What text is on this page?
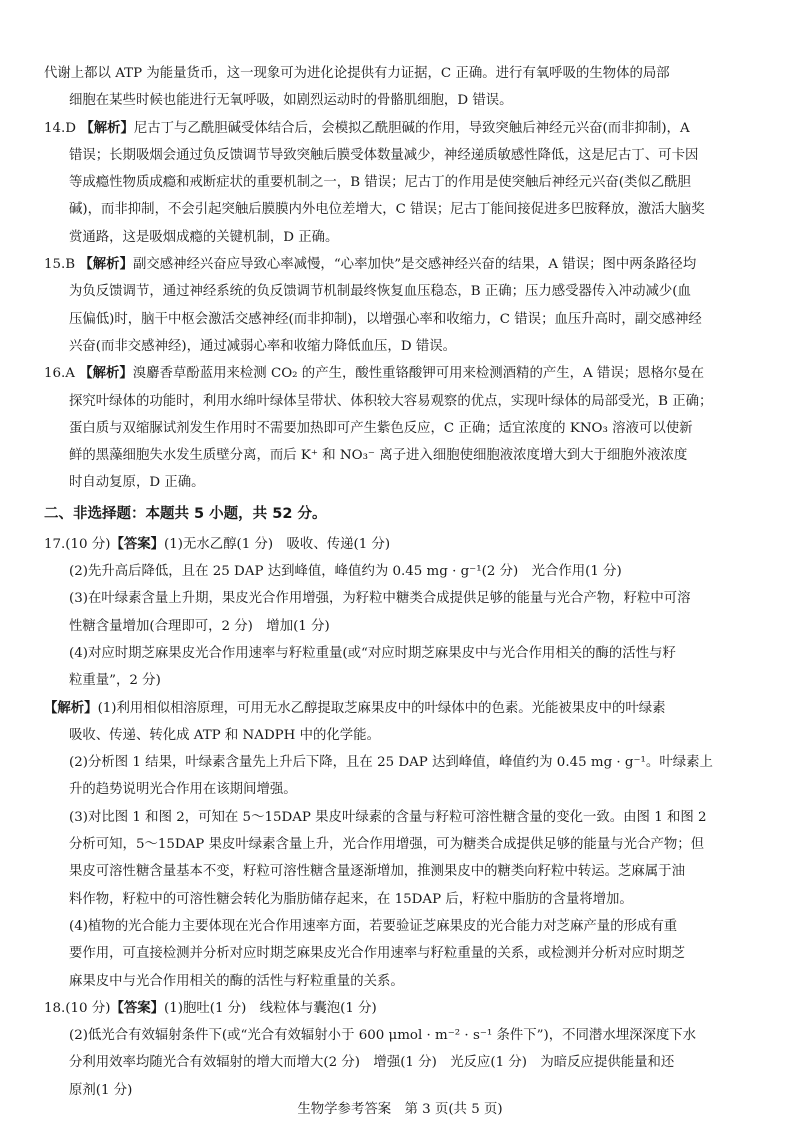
代谢上都以 ATP 为能量货币，这一现象可为进化论提供有力证据，C 正确。进行有氧呼吸的生物体的局部

细胞在某些时候也能进行无氧呼吸，如剧烈运动时的骨骼肌细胞，D 错误。

14.D 【解析】尼古丁与乙酰胆碱受体结合后，会模拟乙酰胆碱的作用，导致突触后神经元兴奋(而非抑制)，A

错误；长期吸烟会通过负反馈调节导致突触后膜受体数量减少，神经递质敏感性降低，这是尼古丁、可卡因

等成瘾性物质成瘾和戒断症状的重要机制之一，B 错误；尼古丁的作用是使突触后神经元兴奋(类似乙酰胆

碱)，而非抑制，不会引起突触后膜膜内外电位差增大，C 错误；尼古丁能间接促进多巴胺释放，激活大脑奖

赏通路，这是吸烟成瘾的关键机制，D 正确。

15.B 【解析】副交感神经兴奋应导致心率减慢，“心率加快”是交感神经兴奋的结果，A 错误；图中两条路径均

为负反馈调节，通过神经系统的负反馈调节机制最终恢复血压稳态，B 正确；压力感受器传入冲动减少(血

压偏低)时，脑干中枢会激活交感神经(而非抑制)，以增强心率和收缩力，C 错误；血压升高时，副交感神经

兴奋(而非交感神经)，通过减弱心率和收缩力降低血压，D 错误。

16.A 【解析】溴麝香草酚蓝用来检测 CO₂ 的产生，酸性重铬酸钾可用来检测酒精的产生，A 错误；恩格尔曼在

探究叶绿体的功能时，利用水绵叶绿体呈带状、体积较大容易观察的优点，实现叶绿体的局部受光，B 正确；

蛋白质与双缩脲试剂发生作用时不需要加热即可产生紫色反应，C 正确；适宜浓度的 KNO₃ 溶液可以使新

鲜的黑藻细胞失水发生质壁分离，而后 K⁺ 和 NO₃⁻ 离子进入细胞使细胞液浓度增大到大于细胞外液浓度

时自动复原，D 正确。

二、非选择题：本题共 5 小题，共 52 分。

17.(10 分)【答案】(1)无水乙醇(1 分)　吸收、传递(1 分)

(2)先升高后降低，且在 25 DAP 达到峰值，峰值约为 0.45 mg · g⁻¹(2 分)　光合作用(1 分)

(3)在叶绿素含量上升期，果皮光合作用增强，为籽粒中糖类合成提供足够的能量与光合产物，籽粒中可溶

性糖含量增加(合理即可，2 分)　增加(1 分)

(4)对应时期芝麻果皮光合作用速率与籽粒重量(或“对应时期芝麻果皮中与光合作用相关的酶的活性与籽

粒重量”，2 分)

【解析】(1)利用相似相溶原理，可用无水乙醇提取芝麻果皮中的叶绿体中的色素。光能被果皮中的叶绿素

吸收、传递、转化成 ATP 和 NADPH 中的化学能。

(2)分析图 1 结果，叶绿素含量先上升后下降，且在 25 DAP 达到峰值，峰值约为 0.45 mg · g⁻¹。叶绿素上

升的趋势说明光合作用在该期间增强。

(3)对比图 1 和图 2，可知在 5～15DAP 果皮叶绿素的含量与籽粒可溶性糖含量的变化一致。由图 1 和图 2

分析可知，5～15DAP 果皮叶绿素含量上升，光合作用增强，可为糖类合成提供足够的能量与光合产物；但

果皮可溶性糖含量基本不变，籽粒可溶性糖含量逐渐增加，推测果皮中的糖类向籽粒中转运。芝麻属于油

料作物，籽粒中的可溶性糖会转化为脂肪储存起来，在 15DAP 后，籽粒中脂肪的含量将增加。

(4)植物的光合能力主要体现在光合作用速率方面，若要验证芝麻果皮的光合能力对芝麻产量的形成有重

要作用，可直接检测并分析对应时期芝麻果皮光合作用速率与籽粒重量的关系，或检测并分析对应时期芝

麻果皮中与光合作用相关的酶的活性与籽粒重量的关系。

18.(10 分)【答案】(1)胞吐(1 分)　线粒体与囊泡(1 分)

(2)低光合有效辐射条件下(或“光合有效辐射小于 600 μmol · m⁻² · s⁻¹ 条件下”)，不同潜水埋深深度下水

分利用效率均随光合有效辐射的增大而增大(2 分)　增强(1 分)　光反应(1 分)　为暗反应提供能量和还

原剂(1 分)

生物学参考答案　第 3 页(共 5 页)
